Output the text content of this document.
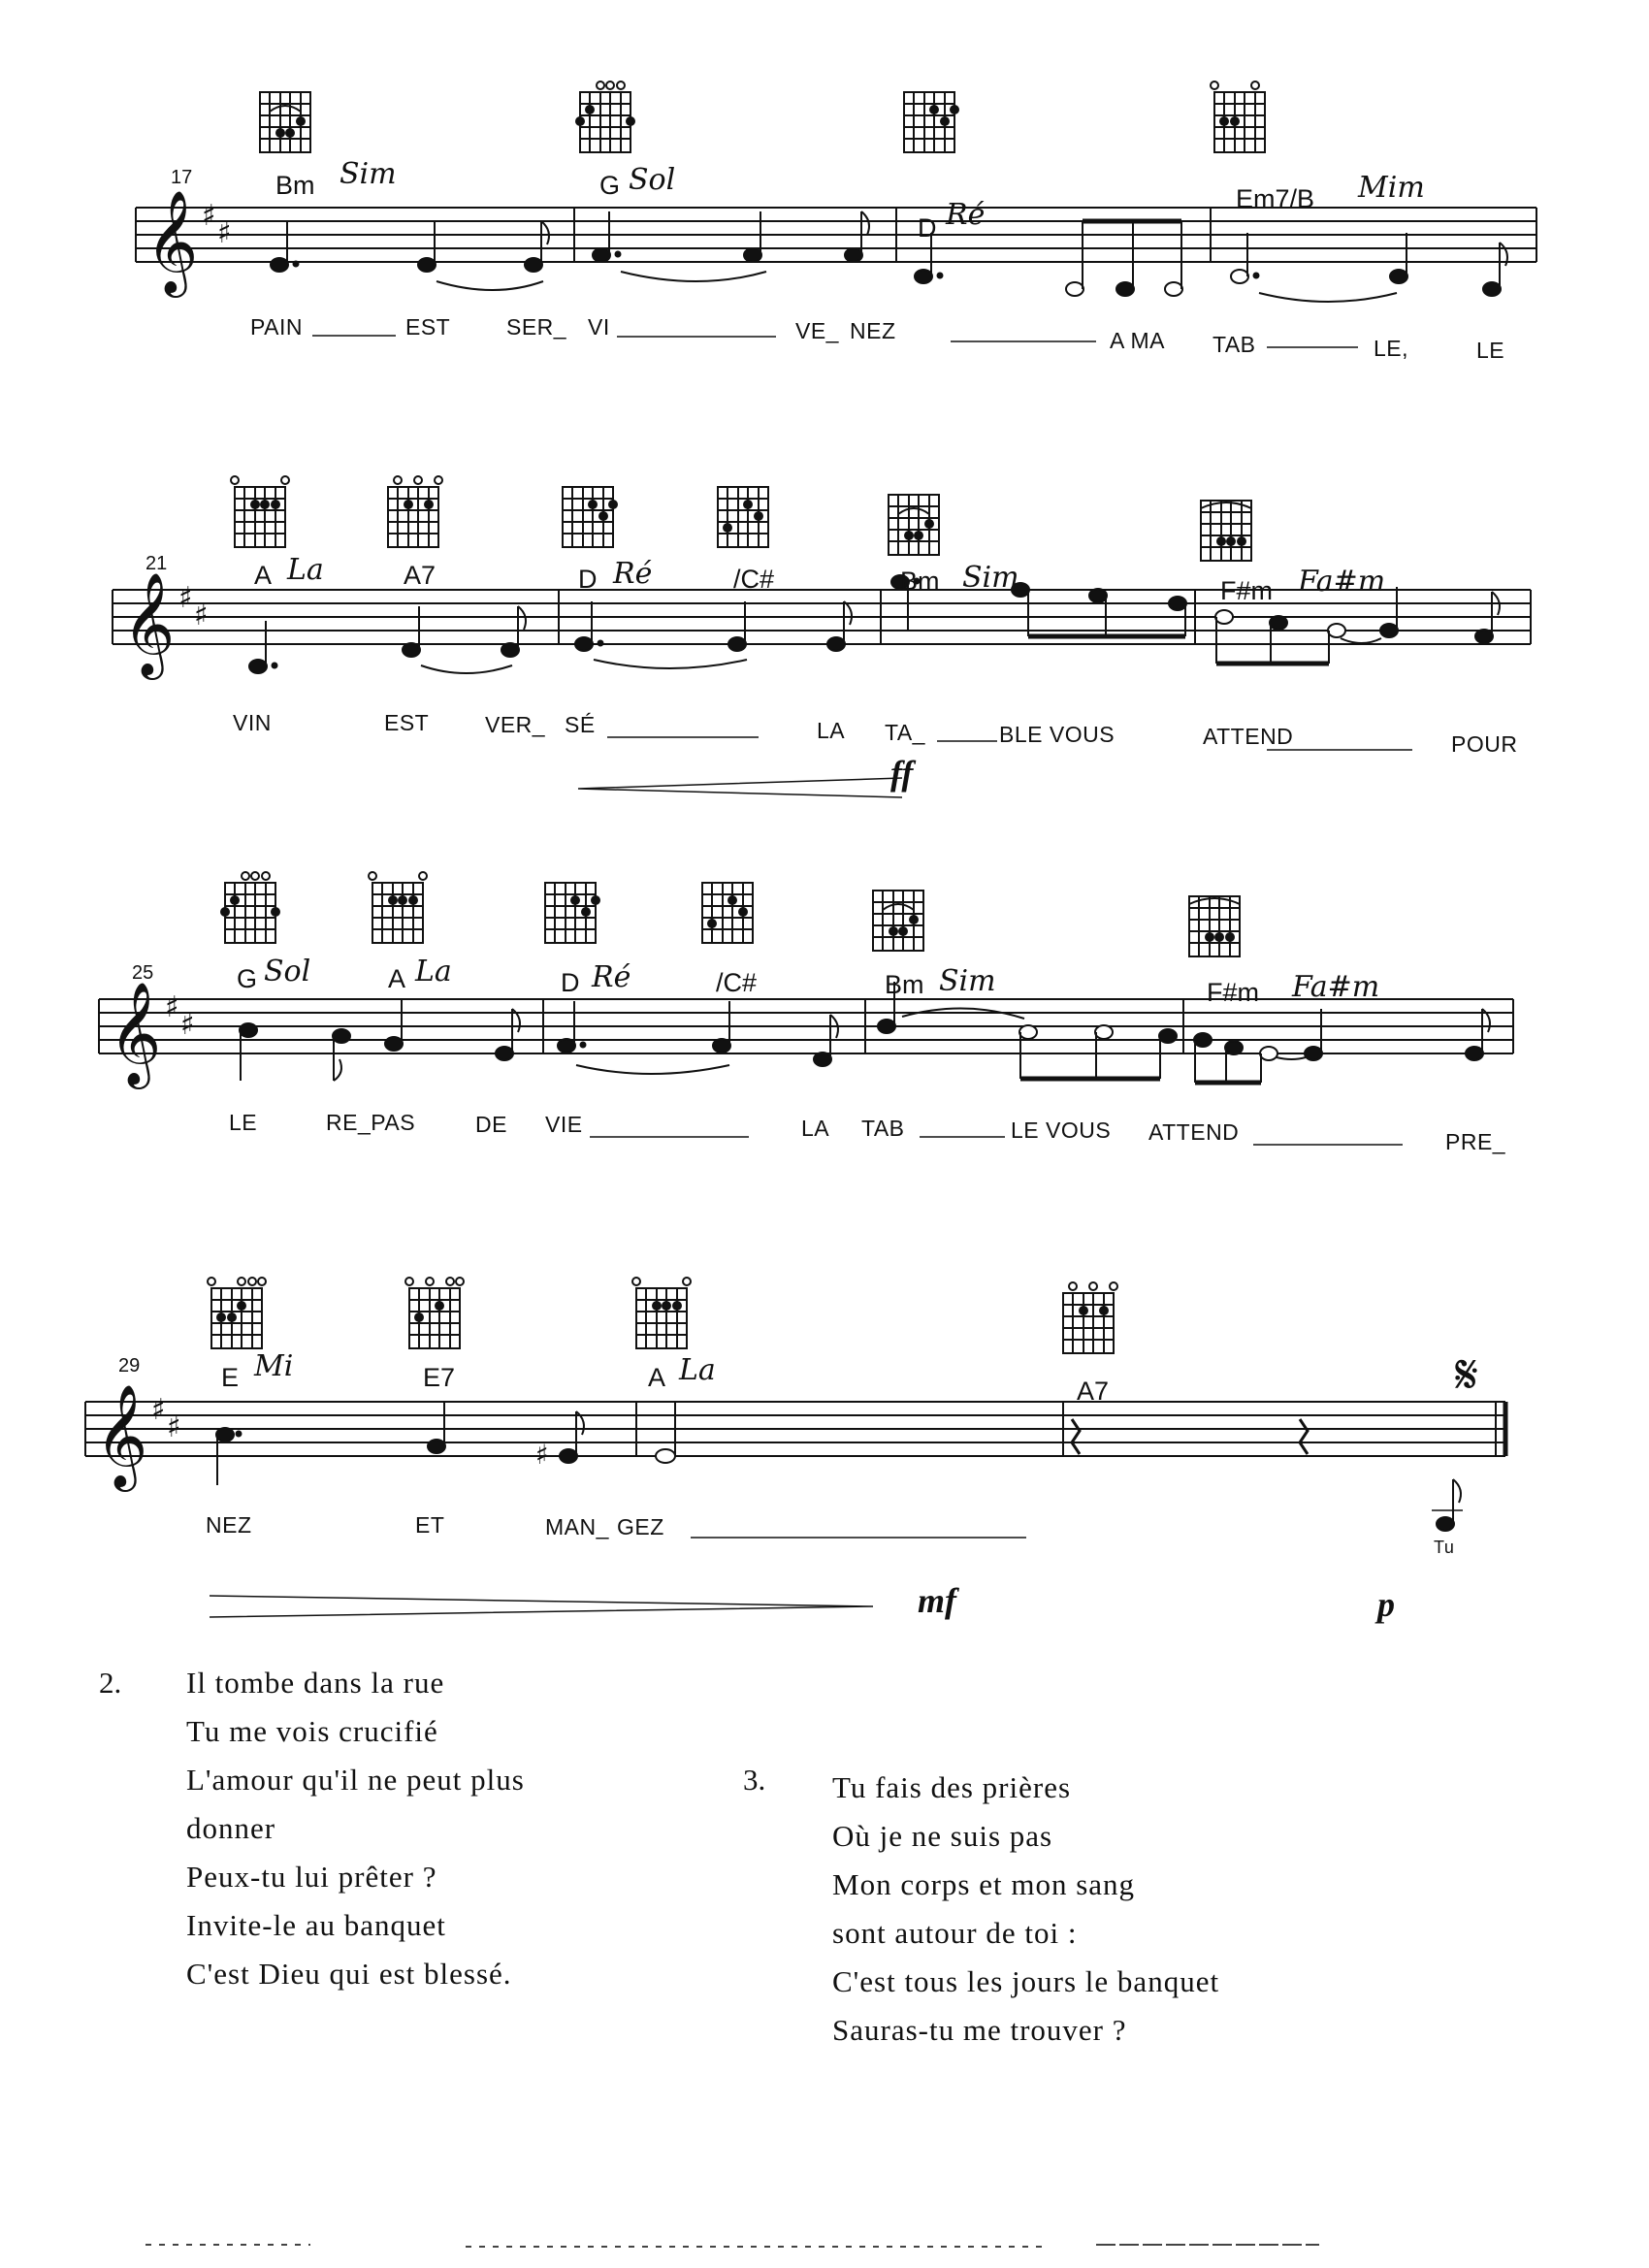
𝄞 ♯
♯
17	Bm	G
D
Em7/B
Sim	Sol
Ré
Mim
PAIN	EST	SER_ VI	VE_ NEZ	A MA TAB	LE,	LE
𝄞 ♯
♯
21	A	A7	D	/C#	Bm	F#m
La	Ré	Sim	Fa#m
VIN	EST	VER_ SÉ	LA TA_	BLE VOUS	ATTEND	POUR
ff
𝄞 ♯
♯
25	G	A	D	/C#	Bm	F#m
Sol	La	Ré	Sim	Fa#m
LE	RE_PAS	DE VIE	LA TAB	LE VOUS ATTEND	PRE_
♯
𝄞 ♯
♯
29	E	E7	A	A7
Mi	La	𝄋
NEZ	ET	MAN_ GEZ
Tu
mf	p
2. Il tombe dans la rue
Tu me vois crucifié
L'amour qu'il ne peut plus
donner
Peux-tu lui prêter ?
Invite-le au banquet
C'est Dieu qui est blessé.
3. Tu fais des prières
Où je ne suis pas
Mon corps et mon sang
sont autour de toi :
C'est tous les jours le banquet
Sauras-tu me trouver ?
